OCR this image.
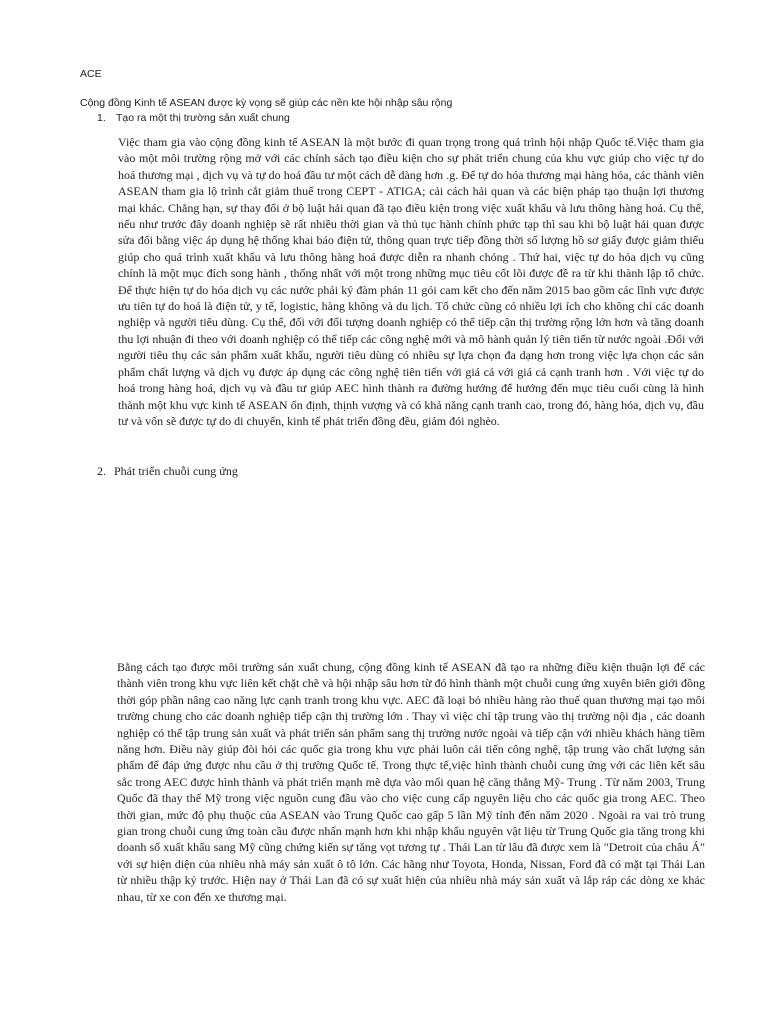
ACE
Cộng đồng Kinh tế ASEAN được kỳ vọng sẽ giúp các nền kte hội nhập sâu rộng
1. Tạo ra một thị trường sản xuất chung

Việc tham gia vào cộng đồng kinh tế ASEAN là một bước đi quan trọng trong quá trình hội nhập Quốc tế.Việc tham gia vào một môi trường rộng mở với các chính sách tạo điều kiện cho sự phát triển chung của khu vực giúp cho việc tự do hoá thương mại , dịch vụ và tự do hoá đầu tư một cách dễ dàng hơn .g. Để tự do hóa thương mại hàng hóa, các thành viên ASEAN tham gia lộ trình cắt giảm thuế trong CEPT - ATIGA; cải cách hải quan và các biện pháp tạo thuận lợi thương mại khác. Chẳng hạn, sự thay đổi ở bộ luật hải quan đã tạo điều kiện trong việc xuất khẩu và lưu thông hàng hoá. Cụ thể, nếu như trước đây doanh nghiệp sẽ rất nhiều thời gian và thủ tục hành chính phức tạp thì sau khi bộ luật hải quan được sửa đổi bằng việc áp dụng hệ thống khai báo điện tử, thông quan trực tiếp đồng thời số lượng hồ sơ giấy được giảm thiểu giúp cho quá trình xuất khẩu và lưu thông hàng hoá được diễn ra nhanh chóng . Thứ hai, việc tự do hóa dịch vụ cũng chính là một mục đích song hành , thống nhất với một trong những mục tiêu cốt lõi được đề ra từ khi thành lập tổ chức. Để thực hiện tự do hóa dịch vụ các nước phải ký đàm phán 11 gói cam kết cho đến năm 2015 bao gồm các lĩnh vực được ưu tiên tự do hoá là điện tử, y tế, logistic, hàng không và du lịch. Tổ chức cũng có nhiều lợi ích cho không chỉ các doanh nghiệp và người tiêu dùng. Cụ thể, đối với đối tượng doanh nghiệp có thể tiếp cận thị trường rộng lớn hơn và tăng doanh thu lợi nhuận đi theo với doanh nghiệp có thể tiếp các công nghệ mới và mô hành quản lý tiên tiến từ nước ngoài .Đối với người tiêu thụ các sản phẩm xuất khẩu, người tiêu dùng có nhiều sự lựa chọn đa dạng hơn trong việc lựa chọn các sản phẩm chất lượng và dịch vụ được áp dụng các công nghệ tiên tiến với giá cả với giá cả cạnh tranh hơn . Với việc tự do hoá trong hàng hoá, dịch vụ và đầu tư giúp AEC hình thành ra đường hướng để hướng đến mục tiêu cuối cùng là hình thành một khu vực kinh tế ASEAN ổn định, thịnh vượng và có khả năng cạnh tranh cao, trong đó, hàng hóa, dịch vụ, đầu tư và vốn sẽ được tự do di chuyển, kinh tế phát triển đồng đều, giảm đói nghèo.

2. Phát triển chuỗi cung ứng

Bằng cách tạo được môi trường sản xuất chung, cộng đồng kinh tế ASEAN đã tạo ra những điều kiện thuận lợi để các thành viên trong khu vực liên kết chặt chẽ và hội nhập sâu hơn từ đó hình thành một chuỗi cung ứng xuyên biên giới đồng thời góp phần nâng cao năng lực cạnh tranh trong khu vực. AEC đã loại bỏ nhiều hàng rào thuế quan thương mại tạo môi trường chung cho các doanh nghiệp tiếp cận thị trường lớn . Thay vì việc chỉ tập trung vào thị trường nội địa , các doanh nghiệp có thể tập trung sản xuất và phát triển sản phẩm sang thị trường nước ngoài và tiếp cận với nhiều khách hàng tiềm năng hơn. Điều này giúp đòi hỏi các quốc gia trong khu vực phải luôn cải tiến công nghệ, tập trung vào chất lượng sản phẩm để đáp ứng được nhu cầu ở thị trường Quốc tế. Trong thực tế,việc hình thành chuỗi cung ứng với các liên kết sâu sắc trong AEC được hình thành và phát triển mạnh mẽ dựa vào mối quan hệ căng thẳng Mỹ- Trung . Từ năm 2003, Trung Quốc đã thay thế Mỹ trong việc nguồn cung đầu vào cho việc cung cấp nguyên liệu cho các quốc gia trong AEC. Theo thời gian, mức độ phụ thuộc của ASEAN vào Trung Quốc cao gấp 5 lần Mỹ tính đến năm 2020 . Ngoài ra vai trò trung gian trong chuỗi cung ứng toàn cầu được nhấn mạnh hơn khi nhập khẩu nguyên vật liệu từ Trung Quốc gia tăng trong khi doanh số xuất khẩu sang Mỹ cũng chứng kiến sự tăng vọt tương tự . Thái Lan từ lâu đã được xem là "Detroit của châu Á" với sự hiện diện của nhiều nhà máy sản xuất ô tô lớn. Các hãng như Toyota, Honda, Nissan, Ford đã có mặt tại Thái Lan từ nhiều thập kỷ trước. Hiện nay ở Thái Lan đã có sự xuất hiện của nhiều nhà máy sản xuất và lắp ráp các dòng xe khác nhau, từ xe con đến xe thương mại.
